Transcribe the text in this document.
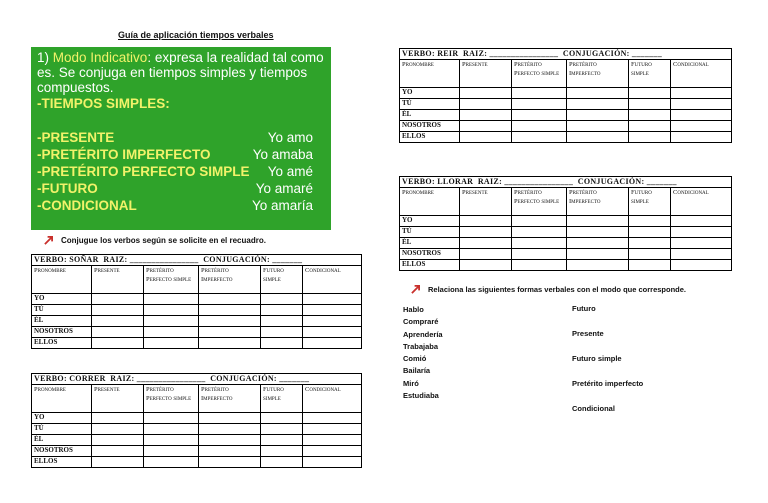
Guía de aplicación tiempos verbales
1) Modo Indicativo: expresa la realidad tal como es. Se conjuga en tiempos simples y tiempos compuestos.
-TIEMPOS SIMPLES:
-PRESENTE	Yo amo
-PRETÉRITO IMPERFECTO	Yo amaba
-PRETÉRITO PERFECTO SIMPLE Yo amé
-FUTURO	Yo amaré
-CONDICIONAL	Yo amaría
Conjugue los verbos según se solicite en el recuadro.
VERBO: SOÑAR RAIZ: ________________ CONJUGACIÓN: _______					
Pronombre	Presente	Pretérito Perfecto simple	Pretérito Imperfecto	Futuro simple	Condicional
YO					
TÚ					
ÉL					
NOSOTROS					
ELLOS					
VERBO: CORRER RAIZ: ________________ CONJUGACIÓN: _______					
Pronombre	Presente	Pretérito Perfecto simple	Pretérito Imperfecto	Futuro simple	Condicional
YO					
TÚ					
ÉL					
NOSOTROS					
ELLOS					
VERBO: REIR RAIZ: ________________ CONJUGACIÓN: _______					
Pronombre	Presente	Pretérito Perfecto simple	Pretérito Imperfecto	Futuro simple	Condicional
YO					
TÚ					
ÉL					
NOSOTROS					
ELLOS					
VERBO: LLORAR RAIZ: ________________ CONJUGACIÓN: _______					
Pronombre	Presente	Pretérito Perfecto simple	Pretérito Imperfecto	Futuro simple	Condicional
YO					
TÚ					
ÉL					
NOSOTROS					
ELLOS					
Relaciona las siguientes formas verbales con el modo que corresponde.
Hablo
Compraré
Aprendería
Trabajaba
Comió
Bailaría
Miró
Estudiaba
Futuro
Presente
Futuro simple
Pretérito imperfecto
Condicional
